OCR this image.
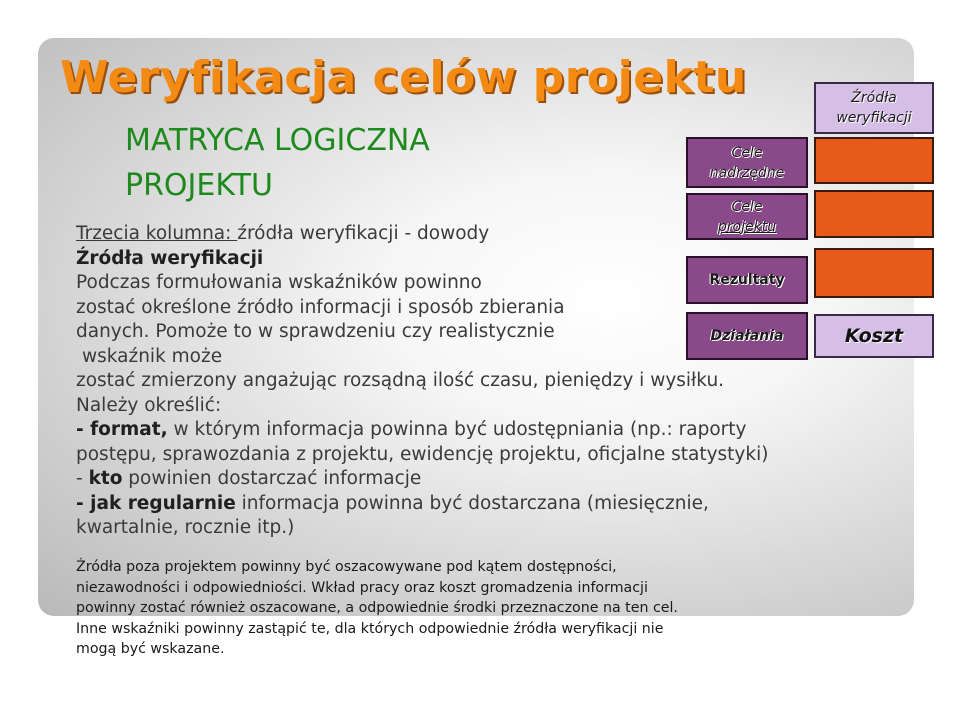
Weryfikacja celów projektu
MATRYCA LOGICZNA
PROJEKTU
Źródła
weryfikacji
Cele
nadrzędne
Cele
projektu
Rezultaty
Działania	Koszt
Trzecia kolumna: źródła weryfikacji - dowody
Źródła weryfikacji
Podczas formułowania wskaźników powinno
zostać określone źródło informacji i sposób zbierania
danych. Pomoże to w sprawdzeniu czy realistycznie
wskaźnik może
zostać zmierzony angażując rozsądną ilość czasu, pieniędzy i wysiłku.
Należy określić:
- format, w którym informacja powinna być udostępniania (np.: raporty
postępu, sprawozdania z projektu, ewidencję projektu, oficjalne statystyki)
- kto powinien dostarczać informacje
- jak regularnie informacja powinna być dostarczana (miesięcznie,
kwartalnie, rocznie itp.)
Źródła poza projektem powinny być oszacowywane pod kątem dostępności,
niezawodności i odpowiedniości. Wkład pracy oraz koszt gromadzenia informacji
powinny zostać również oszacowane, a odpowiednie środki przeznaczone na ten cel.
Inne wskaźniki powinny zastąpić te, dla których odpowiednie źródła weryfikacji nie
mogą być wskazane.
